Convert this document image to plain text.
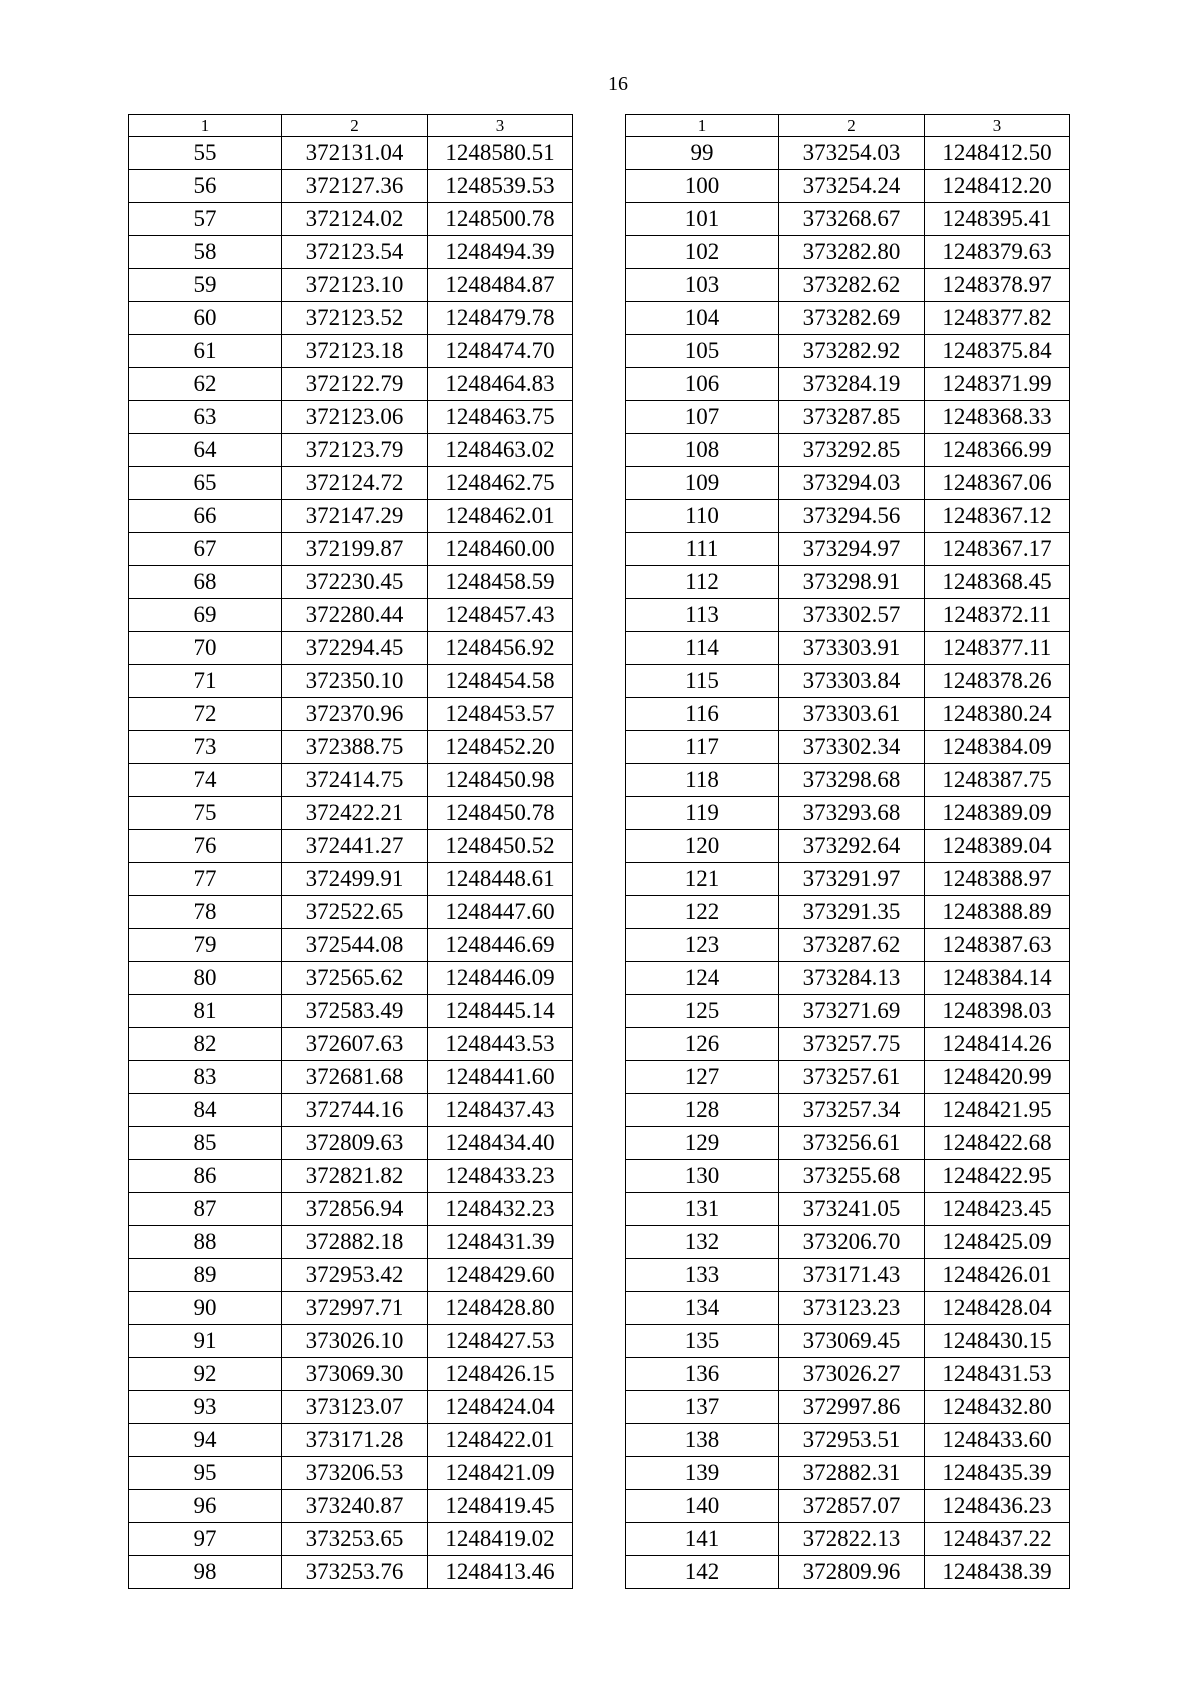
16
1	2	3
55	372131.04	1248580.51
56	372127.36	1248539.53
57	372124.02	1248500.78
58	372123.54	1248494.39
59	372123.10	1248484.87
60	372123.52	1248479.78
61	372123.18	1248474.70
62	372122.79	1248464.83
63	372123.06	1248463.75
64	372123.79	1248463.02
65	372124.72	1248462.75
66	372147.29	1248462.01
67	372199.87	1248460.00
68	372230.45	1248458.59
69	372280.44	1248457.43
70	372294.45	1248456.92
71	372350.10	1248454.58
72	372370.96	1248453.57
73	372388.75	1248452.20
74	372414.75	1248450.98
75	372422.21	1248450.78
76	372441.27	1248450.52
77	372499.91	1248448.61
78	372522.65	1248447.60
79	372544.08	1248446.69
80	372565.62	1248446.09
81	372583.49	1248445.14
82	372607.63	1248443.53
83	372681.68	1248441.60
84	372744.16	1248437.43
85	372809.63	1248434.40
86	372821.82	1248433.23
87	372856.94	1248432.23
88	372882.18	1248431.39
89	372953.42	1248429.60
90	372997.71	1248428.80
91	373026.10	1248427.53
92	373069.30	1248426.15
93	373123.07	1248424.04
94	373171.28	1248422.01
95	373206.53	1248421.09
96	373240.87	1248419.45
97	373253.65	1248419.02
98	373253.76	1248413.46
1	2	3
99	373254.03	1248412.50
100	373254.24	1248412.20
101	373268.67	1248395.41
102	373282.80	1248379.63
103	373282.62	1248378.97
104	373282.69	1248377.82
105	373282.92	1248375.84
106	373284.19	1248371.99
107	373287.85	1248368.33
108	373292.85	1248366.99
109	373294.03	1248367.06
110	373294.56	1248367.12
111	373294.97	1248367.17
112	373298.91	1248368.45
113	373302.57	1248372.11
114	373303.91	1248377.11
115	373303.84	1248378.26
116	373303.61	1248380.24
117	373302.34	1248384.09
118	373298.68	1248387.75
119	373293.68	1248389.09
120	373292.64	1248389.04
121	373291.97	1248388.97
122	373291.35	1248388.89
123	373287.62	1248387.63
124	373284.13	1248384.14
125	373271.69	1248398.03
126	373257.75	1248414.26
127	373257.61	1248420.99
128	373257.34	1248421.95
129	373256.61	1248422.68
130	373255.68	1248422.95
131	373241.05	1248423.45
132	373206.70	1248425.09
133	373171.43	1248426.01
134	373123.23	1248428.04
135	373069.45	1248430.15
136	373026.27	1248431.53
137	372997.86	1248432.80
138	372953.51	1248433.60
139	372882.31	1248435.39
140	372857.07	1248436.23
141	372822.13	1248437.22
142	372809.96	1248438.39
